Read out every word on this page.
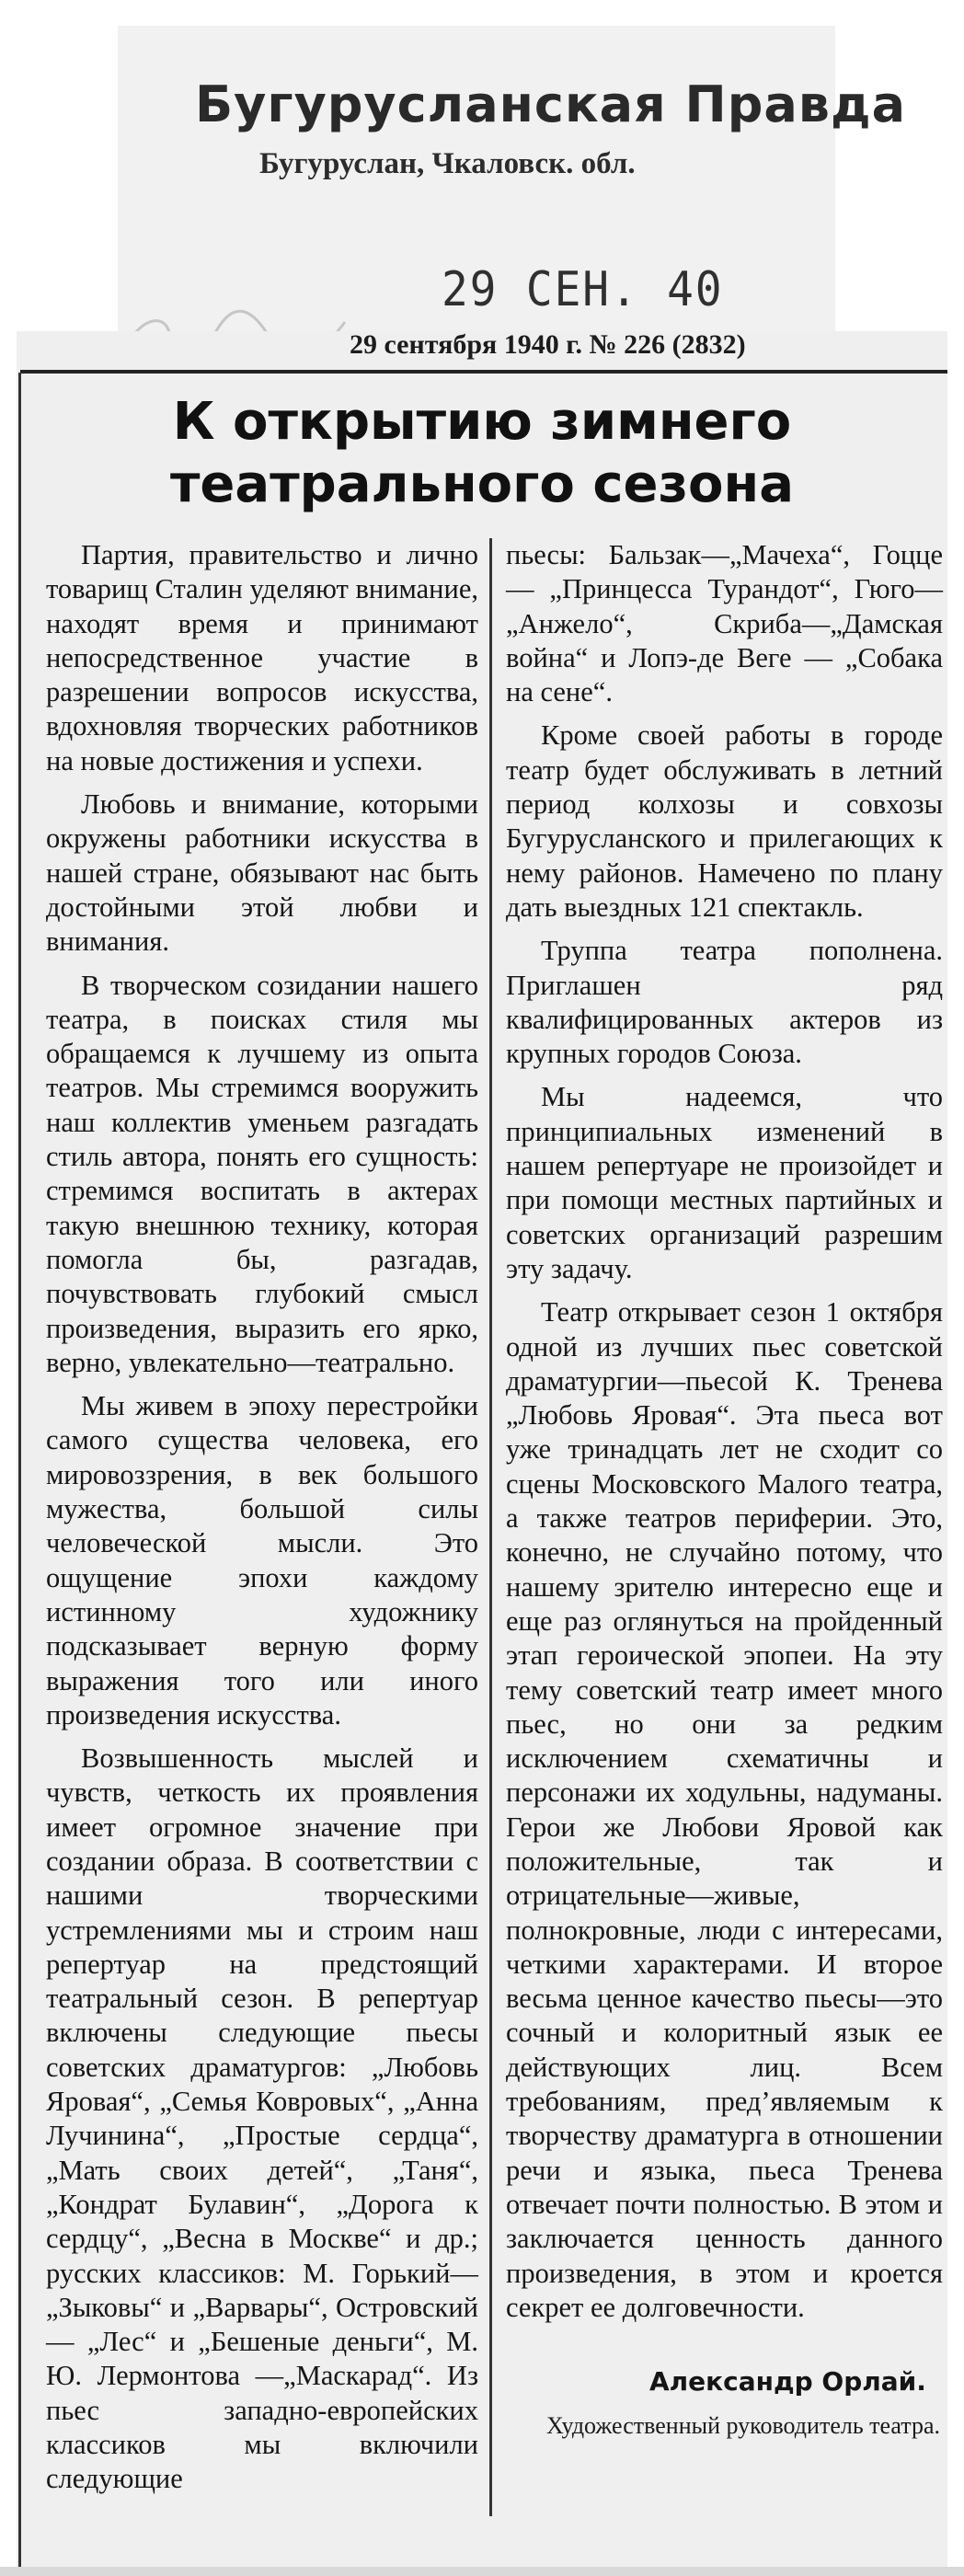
Бугурусланская Правда
Бугуруслан, Чкаловск. обл.
29 СЕН. 40
29 сентября 1940 г. № 226 (2832)
К открытию зимнего
театрального сезона

Партия, правительство и лично товарищ Сталин уделяют внимание, находят время и принимают непосредственное участие в разрешении вопросов искусства, вдохновляя творческих работников на новые достижения и успехи.

Любовь и внимание, которыми окружены работники искусства в нашей стране, обязывают нас быть достойными этой любви и внимания.

В творческом созидании нашего театра, в поисках стиля мы обращаемся к лучшему из опыта театров. Мы стремимся вооружить наш коллектив уменьем разгадать стиль автора, понять его сущность: стремимся воспитать в актерах такую внешнюю технику, которая помогла бы, разгадав, почувствовать глубокий смысл произведения, выразить его ярко, верно, увлекательно—театрально.

Мы живем в эпоху перестройки самого существа человека, его мировоззрения, в век большого мужества, большой силы человеческой мысли. Это ощущение эпохи каждому истинному художнику подсказывает верную форму выражения того или иного произведения искусства.

Возвышенность мыслей и чувств, четкость их проявления имеет огромное значение при создании образа. В соответствии с нашими творческими устремлениями мы и строим наш репертуар на предстоящий театральный сезон. В репертуар включены следующие пьесы советских драматургов: „Любовь Яровая“, „Семья Ковровых“, „Анна Лучинина“, „Простые сердца“, „Мать своих детей“, „Таня“, „Кондрат Булавин“, „Дорога к сердцу“, „Весна в Москве“ и др.; русских классиков: М. Горький—„Зыковы“ и „Варвары“, Островский — „Лес“ и „Бешеные деньги“, М. Ю. Лермонтова —„Маскарад“. Из пьес западно-европейских классиков мы включили следующие

пьесы: Бальзак—„Мачеха“, Гоцце — „Принцесса Турандот“, Гюго—„Анжело“, Скриба—„Дамская война“ и Лопэ-де Веге — „Собака на сене“.

Кроме своей работы в городе театр будет обслуживать в летний период колхозы и совхозы Бугурусланского и прилегающих к нему районов. Намечено по плану дать выездных 121 спектакль.

Труппа театра пополнена. Приглашен ряд квалифицированных актеров из крупных городов Союза.

Мы надеемся, что принципиальных изменений в нашем репертуаре не произойдет и при помощи местных партийных и советских организаций разрешим эту задачу.

Театр открывает сезон 1 октября одной из лучших пьес советской драматургии—пьесой К. Тренева „Любовь Яровая“. Эта пьеса вот уже тринадцать лет не сходит со сцены Московского Малого театра, а также театров периферии. Это, конечно, не случайно потому, что нашему зрителю интересно еще и еще раз оглянуться на пройденный этап героической эпопеи. На эту тему советский театр имеет много пьес, но они за редким исключением схематичны и персонажи их ходульны, надуманы. Герои же Любови Яровой как положительные, так и отрицательные—живые, полнокровные, люди с интересами, четкими характерами. И второе весьма ценное качество пьесы—это сочный и колоритный язык ее действующих лиц. Всем требованиям, пред’являемым к творчеству драматурга в отношении речи и языка, пьеса Тренева отвечает почти полностью. В этом и заключается ценность данного произведения, в этом и кроется секрет ее долговечности.

Александр Орлай.
Художественный руководитель театра.
